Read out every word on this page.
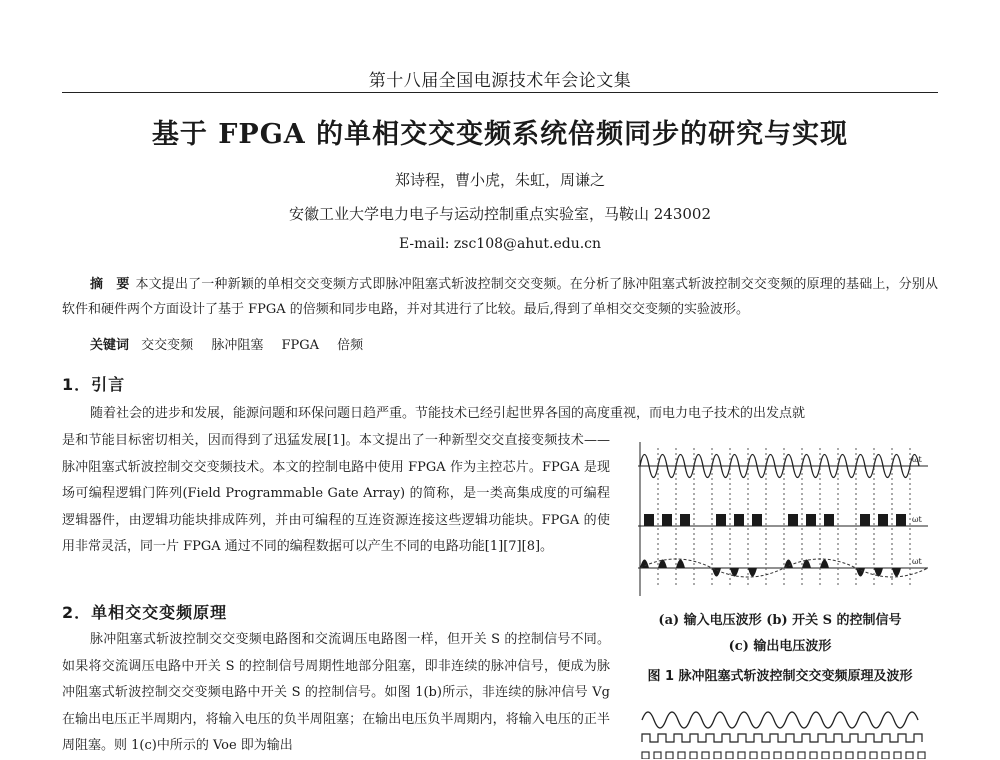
第十八届全国电源技术年会论文集
基于 FPGA 的单相交交变频系统倍频同步的研究与实现
郑诗程，曹小虎，朱虹，周谦之
安徽工业大学电力电子与运动控制重点实验室，马鞍山 243002
E-mail: zsc108@ahut.edu.cn
摘　要 本文提出了一种新颖的单相交交变频方式即脉冲阻塞式斩波控制交交变频。在分析了脉冲阻塞式斩波控制交交变频的原理的基础上，分别从软件和硬件两个方面设计了基于 FPGA 的倍频和同步电路，并对其进行了比较。最后,得到了单相交交变频的实验波形。
关键词 交交变频 脉冲阻塞 FPGA 倍频
1．引言
随着社会的进步和发展，能源问题和环保问题日趋严重。节能技术已经引起世界各国的高度重视，而电力电子技术的出发点就
是和节能目标密切相关，因而得到了迅猛发展[1]。本文提出了一种新型交交直接变频技术——脉冲阻塞式斩波控制交交变频技术。本文的控制电路中使用 FPGA 作为主控芯片。FPGA 是现场可编程逻辑门阵列(Field Programmable Gate Array) 的简称，是一类高集成度的可编程逻辑器件，由逻辑功能块排成阵列，并由可编程的互连资源连接这些逻辑功能块。FPGA 的使用非常灵活，同一片 FPGA 通过不同的编程数据可以产生不同的电路功能[1][7][8]。
ωt
ωt
ωt
(a) 输入电压波形 (b) 开关 S 的控制信号
(c) 输出电压波形
图 1 脉冲阻塞式斩波控制交交变频原理及波形
2．单相交交变频原理
脉冲阻塞式斩波控制交交变频电路图和交流调压电路图一样，但开关 S 的控制信号不同。如果将交流调压电路中开关 S 的控制信号周期性地部分阻塞，即非连续的脉冲信号，便成为脉冲阻塞式斩波控制交交变频电路中开关 S 的控制信号。如图 1(b)所示，非连续的脉冲信号 Vg 在输出电压正半周期内，将输入电压的负半周阻塞；在输出电压负半周期内，将输入电压的正半周阻塞。则 1(c)中所示的 Voe 即为输出
